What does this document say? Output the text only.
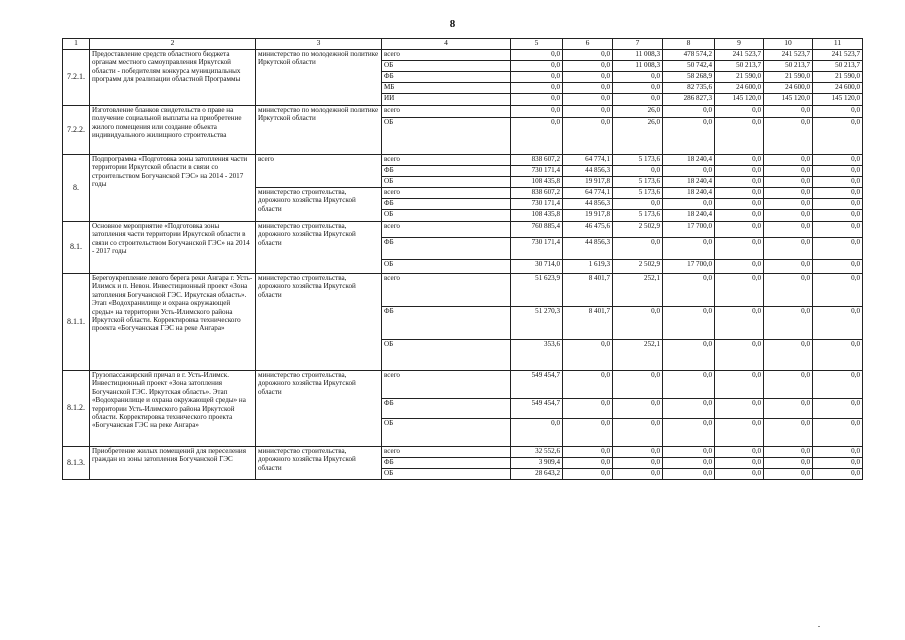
8
1	2	3	4	5	6	7	8	9	10	11
7.2.1.	Предоставление средств областного бюджета органам местного самоуправления Иркутской области - победителям конкурса муниципальных программ для реализации областной Программы	министерство по молодежной политике Иркутской области	всего	0,0	0,0	11 008,3	478 574,2	241 523,7	241 523,7	241 523,7
			ОБ	0,0	0,0	11 008,3	50 742,4	50 213,7	50 213,7	50 213,7
			ФБ	0,0	0,0	0,0	58 268,9	21 590,0	21 590,0	21 590,0
			МБ	0,0	0,0	0,0	82 735,6	24 600,0	24 600,0	24 600,0
			ИИ	0,0	0,0	0,0	286 827,3	145 120,0	145 120,0	145 120,0
7.2.2.	Изготовление бланков свидетельств о праве на получение социальной выплаты на приобретение жилого помещения или создание объекта индивидуального жилищного строительства	министерство по молодежной политике Иркутской области	всего	0,0	0,0	26,0	0,0	0,0	0,0	0,0
			ОБ	0,0	0,0	26,0	0,0	0,0	0,0	0,0
8.	Подпрограмма «Подготовка зоны затопления части территории Иркутской области в связи со строительством Богучанской ГЭС» на 2014 - 2017 годы	всего	всего	838 607,2	64 774,1	5 173,6	18 240,4	0,0	0,0	0,0
			ФБ	730 171,4	44 856,3	0,0	0,0	0,0	0,0	0,0
			ОБ	108 435,8	19 917,8	5 173,6	18 240,4	0,0	0,0	0,0
		министерство строительства, дорожного хозяйства Иркутской области	всего	838 607,2	64 774,1	5 173,6	18 240,4	0,0	0,0	0,0
			ФБ	730 171,4	44 856,3	0,0	0,0	0,0	0,0	0,0
			ОБ	108 435,8	19 917,8	5 173,6	18 240,4	0,0	0,0	0,0
8.1.	Основное мероприятие «Подготовка зоны затопления части территории Иркутской области в связи со строительством Богучанской ГЭС» на 2014 - 2017 годы	министерство строительства, дорожного хозяйства Иркутской области	всего	760 885,4	46 475,6	2 502,9	17 700,0	0,0	0,0	0,0
			ФБ	730 171,4	44 856,3	0,0	0,0	0,0	0,0	0,0
			ОБ	30 714,0	1 619,3	2 502,9	17 700,0	0,0	0,0	0,0
8.1.1.	Берегоукрепление левого берега реки Ангара г. Усть-Илимск и п. Невон. Инвестиционный проект «Зона затопления Богучанской ГЭС. Иркутская область». Этап «Водохранилище и охрана окружающей среды» на территории Усть-Илимского района Иркутской области. Корректировка технического проекта «Богучанская ГЭС на реке Ангара»	министерство строительства, дорожного хозяйства Иркутской области	всего	51 623,9	8 401,7	252,1	0,0	0,0	0,0	0,0
			ФБ	51 270,3	8 401,7	0,0	0,0	0,0	0,0	0,0
			ОБ	353,6	0,0	252,1	0,0	0,0	0,0	0,0
8.1.2.	Грузопассажирский причал в г. Усть-Илимск. Инвестиционный проект «Зона затопления Богучанской ГЭС. Иркутская область». Этап «Водохранилище и охрана окружающей среды» на территории Усть-Илимского района Иркутской области. Корректировка технического проекта «Богучанская ГЭС на реке Ангара»	министерство строительства, дорожного хозяйства Иркутской области	всего	549 454,7	0,0	0,0	0,0	0,0	0,0	0,0
			ФБ	549 454,7	0,0	0,0	0,0	0,0	0,0	0,0
			ОБ	0,0	0,0	0,0	0,0	0,0	0,0	0,0
8.1.3.	Приобретение жилых помещений для переселения граждан из зоны затопления Богучанской ГЭС	министерство строительства, дорожного хозяйства Иркутской области	всего	32 552,6	0,0	0,0	0,0	0,0	0,0	0,0
			ФБ	3 909,4	0,0	0,0	0,0	0,0	0,0	0,0
			ОБ	28 643,2	0,0	0,0	0,0	0,0	0,0	0,0
